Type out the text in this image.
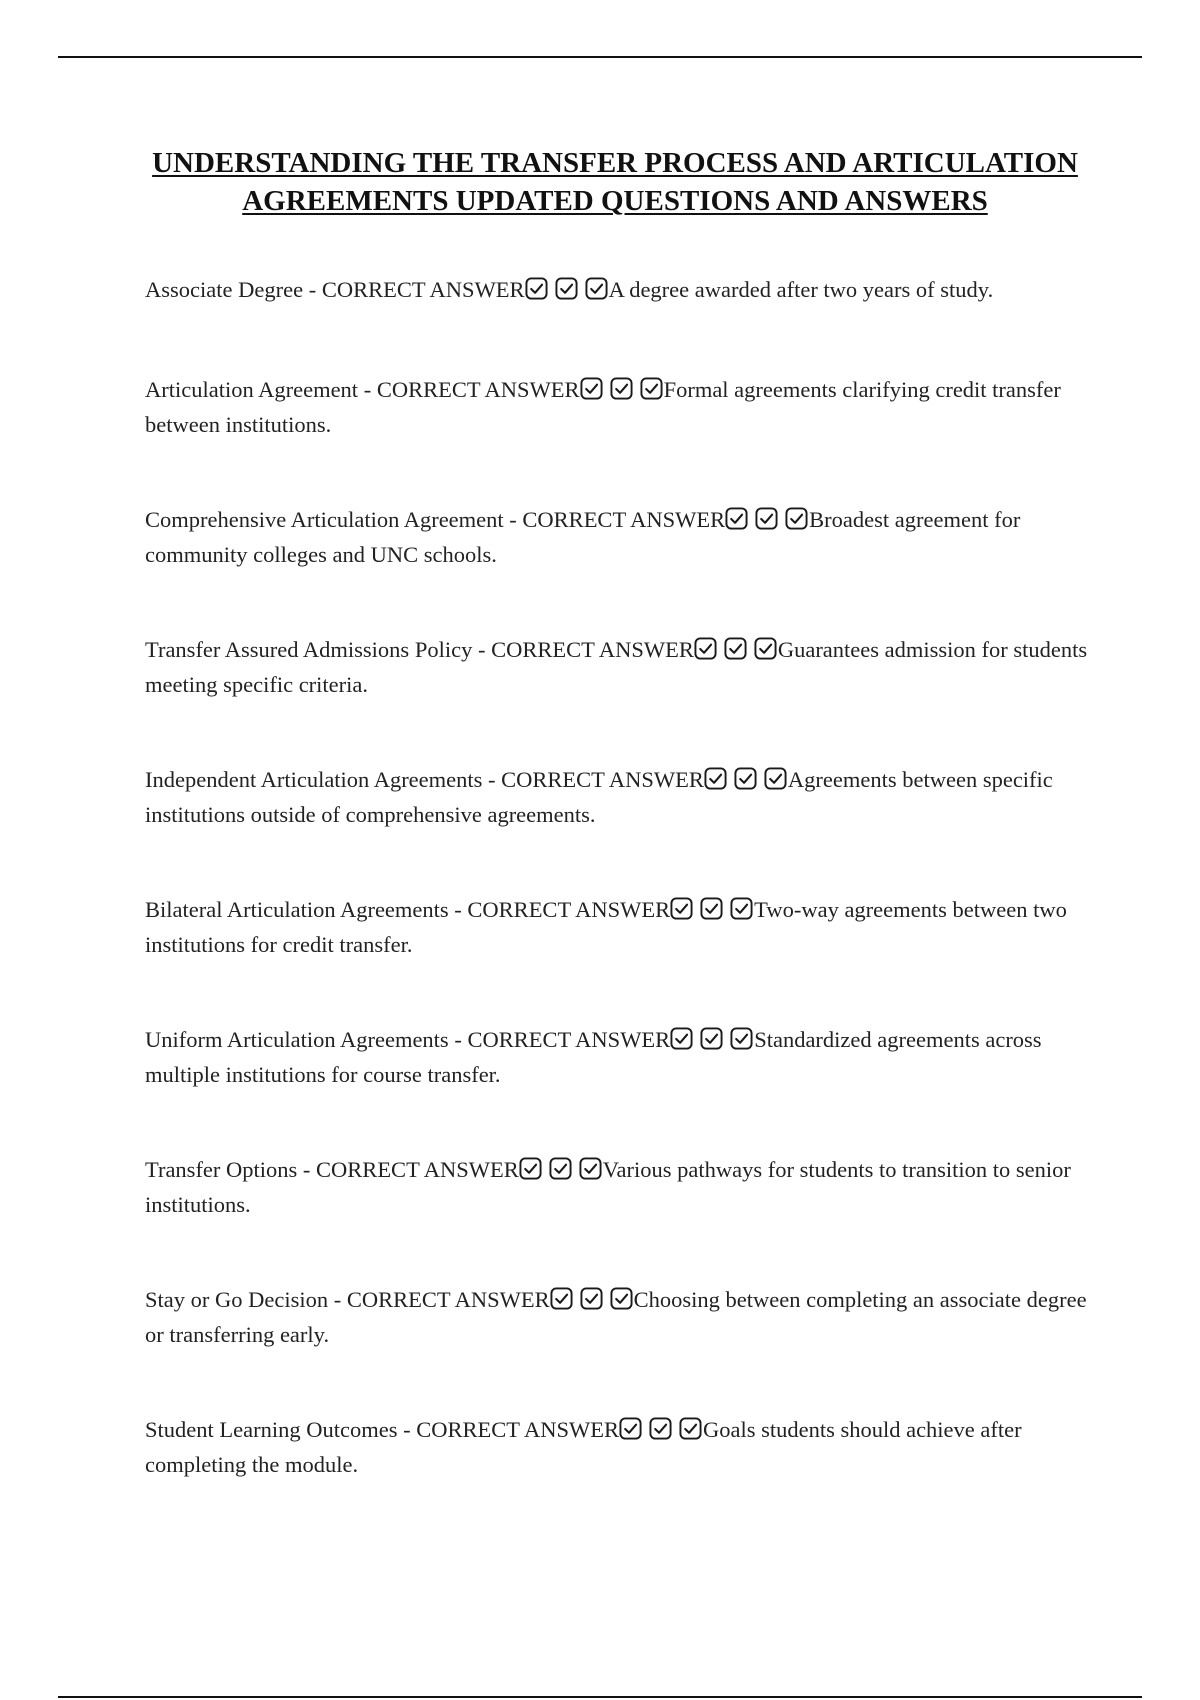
UNDERSTANDING THE TRANSFER PROCESS AND ARTICULATION AGREEMENTS UPDATED QUESTIONS AND ANSWERS
Associate Degree - CORRECT ANSWER	A degree awarded after two years of study.
Articulation Agreement - CORRECT ANSWER	Formal agreements clarifying credit transfer between institutions.
Comprehensive Articulation Agreement - CORRECT ANSWER	Broadest agreement for community colleges and UNC schools.
Transfer Assured Admissions Policy - CORRECT ANSWER	Guarantees admission for students meeting specific criteria.
Independent Articulation Agreements - CORRECT ANSWER	Agreements between specific institutions outside of comprehensive agreements.
Bilateral Articulation Agreements - CORRECT ANSWER	Two-way agreements between two institutions for credit transfer.
Uniform Articulation Agreements - CORRECT ANSWER	Standardized agreements across multiple institutions for course transfer.
Transfer Options - CORRECT ANSWER	Various pathways for students to transition to senior institutions.
Stay or Go Decision - CORRECT ANSWER	Choosing between completing an associate degree or transferring early.
Student Learning Outcomes - CORRECT ANSWER	Goals students should achieve after completing the module.
